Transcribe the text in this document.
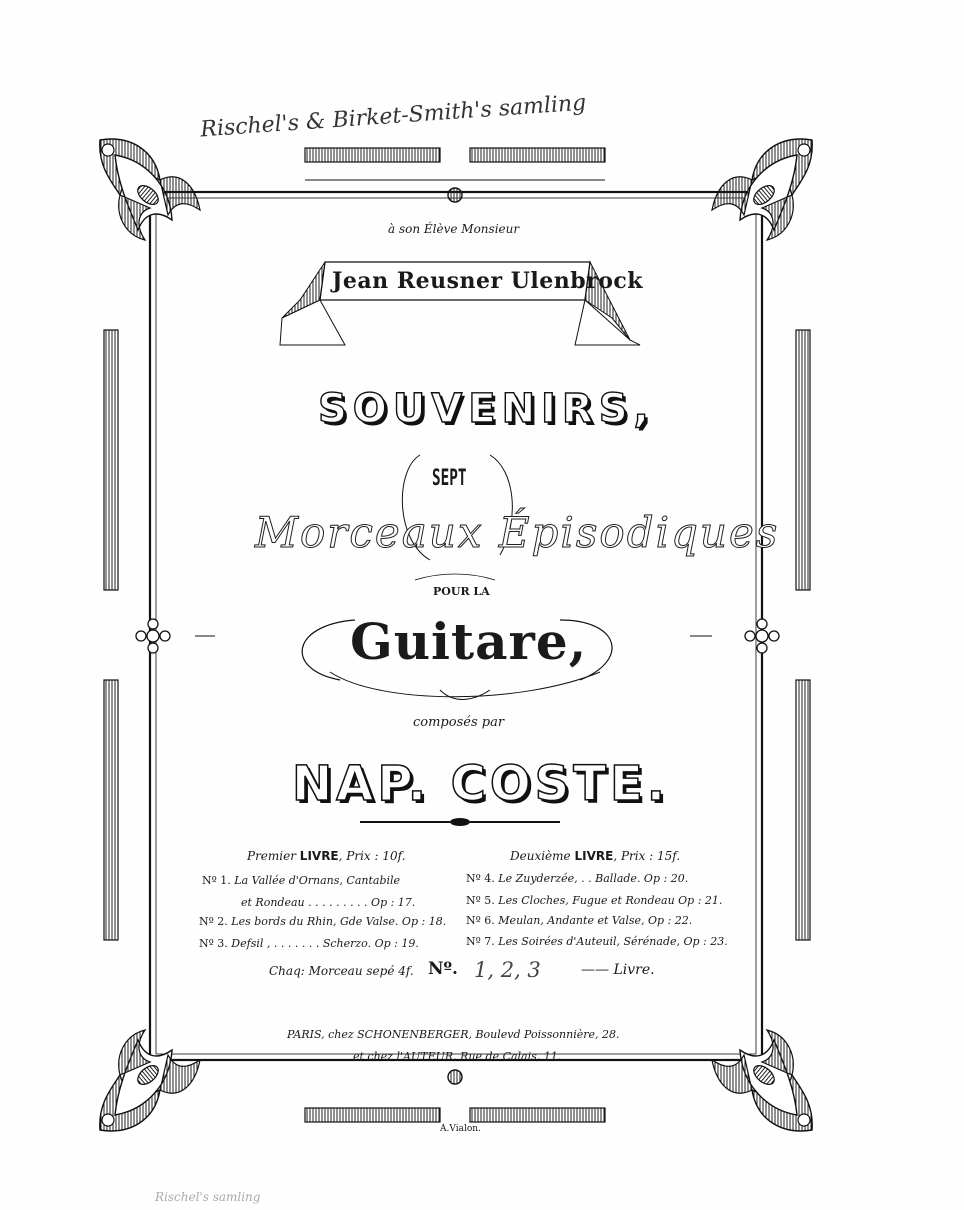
Rischel's & Birket-Smith's samling
à son Élève Monsieur
Jean Reusner Ulenbrock
SOUVENIRS,
SEPT
Morceaux Épisodiques
POUR LA
Guitare,
composés par
NAP. COSTE.
Premier LIVRE, Prix : 10f.	Deuxième LIVRE, Prix : 15f.
Nº 1. La Vallée d'Ornans, Cantabile
et Rondeau . . . . . . . . . Op : 17.
Nº 2. Les bords du Rhin, Gde Valse. Op : 18.
Nº 3. Defsil , . . . . . . . Scherzo. Op : 19.
Nº 4. Le Zuyderzée, . . Ballade. Op : 20.
Nº 5. Les Cloches, Fugue et Rondeau Op : 21.
Nº 6. Meulan, Andante et Valse, Op : 22.
Nº 7. Les Soirées d'Auteuil, Sérénade, Op : 23.
Chaq: Morceau sepé 4f. Nº. 1, 2, 3	—— Livre.
PARIS, chez SCHONENBERGER, Boulevd Poissonnière, 28.
et chez l'AUTEUR, Rue de Calais, 11.
A.Vialon.
Rischel's samling
